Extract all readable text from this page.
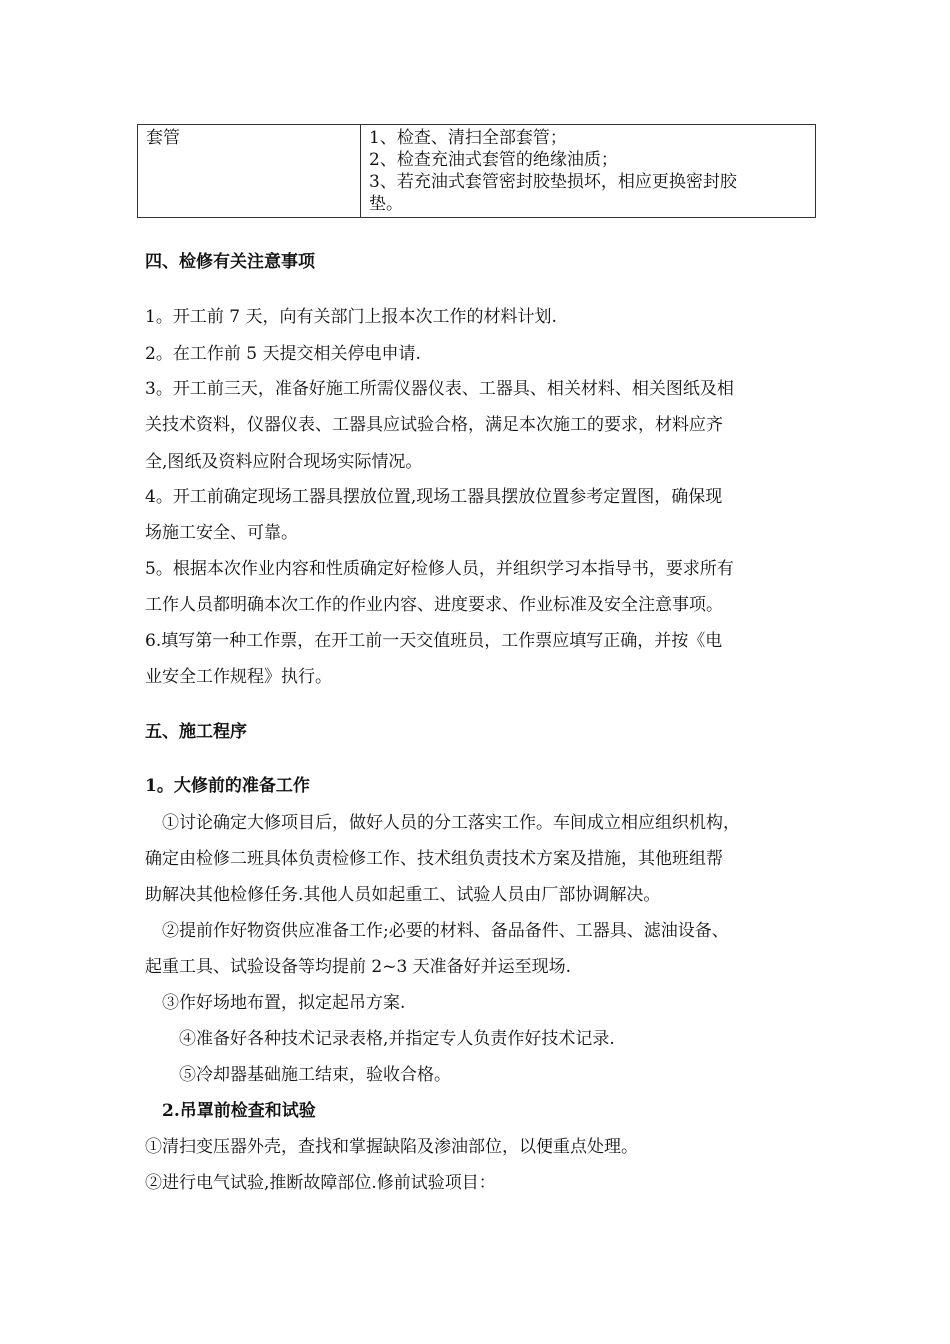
套管	1、检查、清扫全部套管；
2、检查充油式套管的绝缘油质；
3、若充油式套管密封胶垫损坏，相应更换密封胶
垫。
四、检修有关注意事项
1。开工前 7 天，向有关部门上报本次工作的材料计划.
2。在工作前 5 天提交相关停电申请.
3。开工前三天，准备好施工所需仪器仪表、工器具、相关材料、相关图纸及相
关技术资料，仪器仪表、工器具应试验合格，满足本次施工的要求，材料应齐
全,图纸及资料应附合现场实际情况。
4。开工前确定现场工器具摆放位置,现场工器具摆放位置参考定置图，确保现
场施工安全、可靠。
5。根据本次作业内容和性质确定好检修人员，并组织学习本指导书，要求所有
工作人员都明确本次工作的作业内容、进度要求、作业标准及安全注意事项。
6.填写第一种工作票，在开工前一天交值班员，工作票应填写正确，并按《电
业安全工作规程》执行。
五、施工程序
1。大修前的准备工作
①讨论确定大修项目后，做好人员的分工落实工作。车间成立相应组织机构，
确定由检修二班具体负责检修工作、技术组负责技术方案及措施，其他班组帮
助解决其他检修任务.其他人员如起重工、试验人员由厂部协调解决。
②提前作好物资供应准备工作;必要的材料、备品备件、工器具、滤油设备、
起重工具、试验设备等均提前 2~3 天准备好并运至现场.
③作好场地布置，拟定起吊方案.
④准备好各种技术记录表格,并指定专人负责作好技术记录.
⑤冷却器基础施工结束，验收合格。
2.吊罩前检查和试验
①清扫变压器外壳，查找和掌握缺陷及渗油部位，以便重点处理。
②进行电气试验,推断故障部位.修前试验项目：
